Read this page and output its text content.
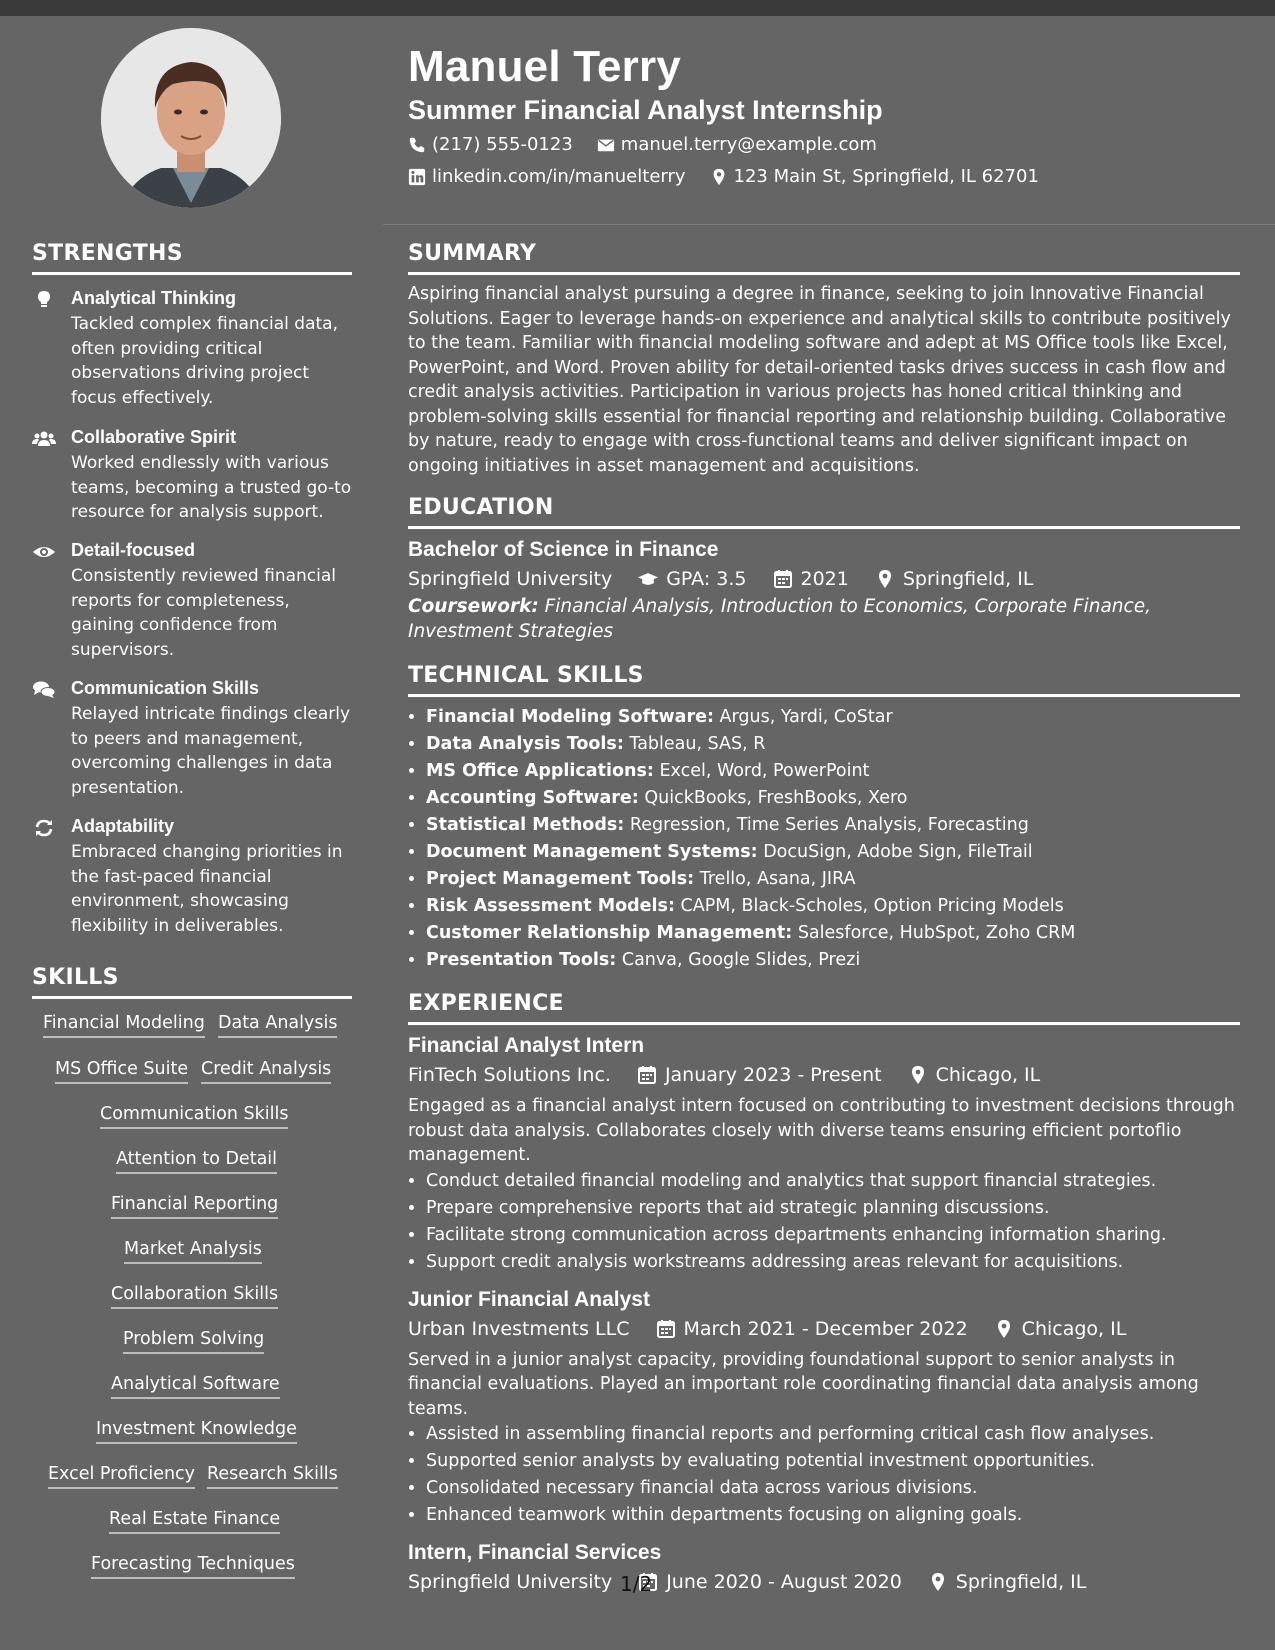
Manuel Terry
Summer Financial Analyst Internship
(217) 555-0123	manuel.terry@example.com
linkedin.com/in/manuelterry	123 Main St, Springfield, IL 62701
STRENGTHS
Analytical Thinking
Tackled complex financial data, often providing critical observations driving project focus effectively.
Collaborative Spirit
Worked endlessly with various teams, becoming a trusted go-to resource for analysis support.
Detail-focused
Consistently reviewed financial reports for completeness, gaining confidence from supervisors.
Communication Skills
Relayed intricate findings clearly to peers and management, overcoming challenges in data presentation.
Adaptability
Embraced changing priorities in the fast-paced financial environment, showcasing flexibility in deliverables.
SKILLS
Financial Modeling Data Analysis
MS Office Suite Credit Analysis
Communication Skills
Attention to Detail
Financial Reporting
Market Analysis
Collaboration Skills
Problem Solving
Analytical Software
Investment Knowledge
Excel Proficiency Research Skills
Real Estate Finance
Forecasting Techniques
SUMMARY

Aspiring financial analyst pursuing a degree in finance, seeking to join Innovative Financial Solutions. Eager to leverage hands-on experience and analytical skills to contribute positively to the team. Familiar with financial modeling software and adept at MS Office tools like Excel, PowerPoint, and Word. Proven ability for detail-oriented tasks drives success in cash flow and credit analysis activities. Participation in various projects has honed critical thinking and problem-solving skills essential for financial reporting and relationship building. Collaborative by nature, ready to engage with cross-functional teams and deliver significant impact on ongoing initiatives in asset management and acquisitions.

EDUCATION
Bachelor of Science in Finance
Springfield University	GPA: 3.5	2021	Springfield, IL

Coursework: Financial Analysis, Introduction to Economics, Corporate Finance, Investment Strategies

TECHNICAL SKILLS
• Financial Modeling Software: Argus, Yardi, CoStar
• Data Analysis Tools: Tableau, SAS, R
• MS Office Applications: Excel, Word, PowerPoint
• Accounting Software: QuickBooks, FreshBooks, Xero
• Statistical Methods: Regression, Time Series Analysis, Forecasting
• Document Management Systems: DocuSign, Adobe Sign, FileTrail
• Project Management Tools: Trello, Asana, JIRA
• Risk Assessment Models: CAPM, Black-Scholes, Option Pricing Models
• Customer Relationship Management: Salesforce, HubSpot, Zoho CRM
• Presentation Tools: Canva, Google Slides, Prezi
EXPERIENCE
Financial Analyst Intern
FinTech Solutions Inc.	January 2023 - Present	Chicago, IL

Engaged as a financial analyst intern focused on contributing to investment decisions through robust data analysis. Collaborates closely with diverse teams ensuring efficient portoflio management.

• Conduct detailed financial modeling and analytics that support financial strategies.
• Prepare comprehensive reports that aid strategic planning discussions.
• Facilitate strong communication across departments enhancing information sharing.
• Support credit analysis workstreams addressing areas relevant for acquisitions.
Junior Financial Analyst
Urban Investments LLC	March 2021 - December 2022	Chicago, IL

Served in a junior analyst capacity, providing foundational support to senior analysts in financial evaluations. Played an important role coordinating financial data analysis among teams.

• Assisted in assembling financial reports and performing critical cash flow analyses.
• Supported senior analysts by evaluating potential investment opportunities.
• Consolidated necessary financial data across various divisions.
• Enhanced teamwork within departments focusing on aligning goals.
Intern, Financial Services
Springfield University	June 2020 - August 2020	Springfield, IL
1/2
